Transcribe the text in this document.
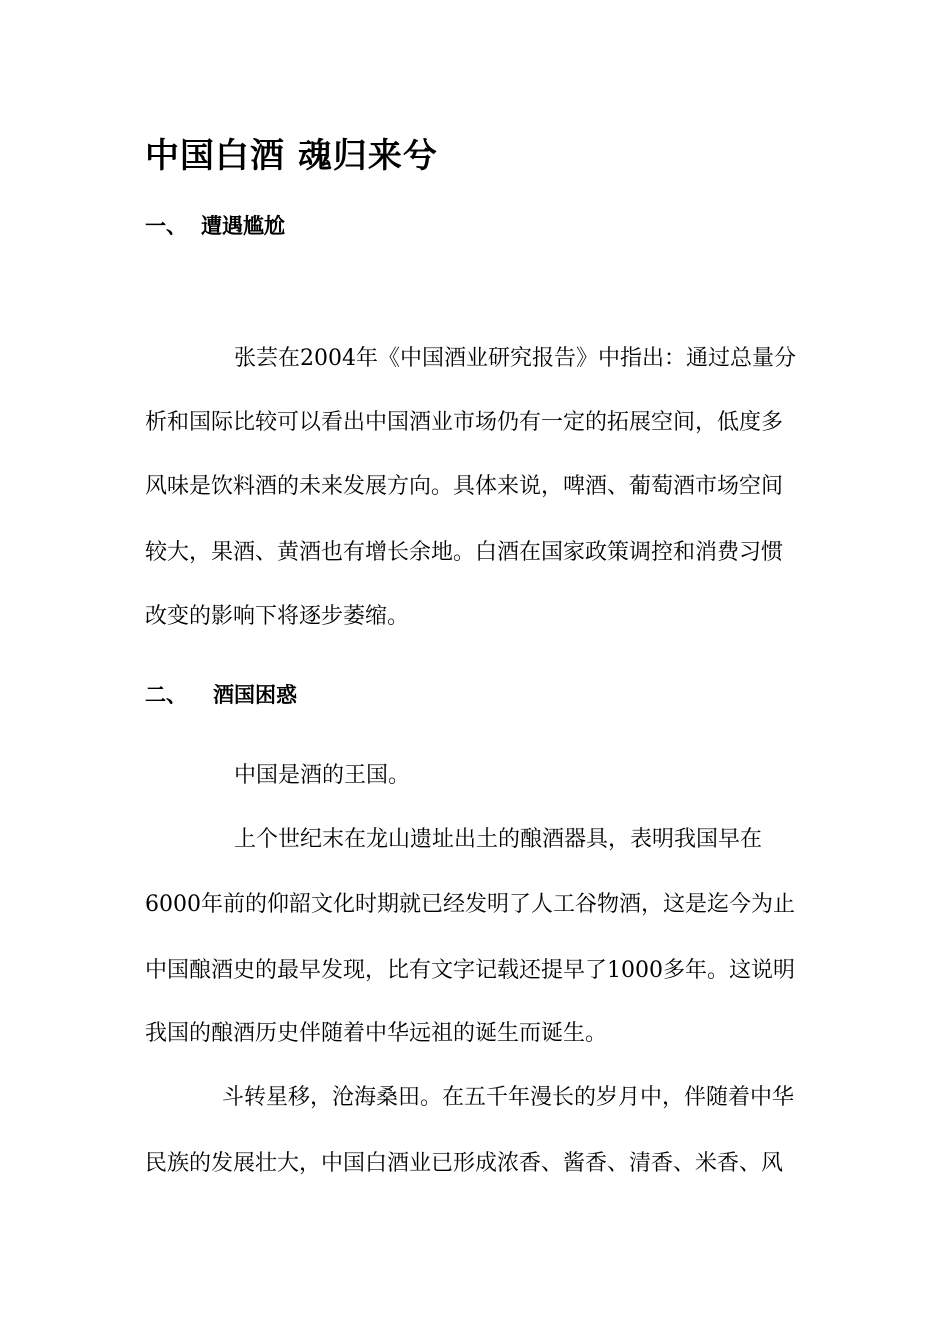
中国白酒 魂归来兮
一、 遭遇尴尬

张芸在2004年《中国酒业研究报告》中指出：通过总量分

析和国际比较可以看出中国酒业市场仍有一定的拓展空间，低度多

风味是饮料酒的未来发展方向。具体来说，啤酒、葡萄酒市场空间

较大，果酒、黄酒也有增长余地。白酒在国家政策调控和消费习惯

改变的影响下将逐步萎缩。

二、 酒国困惑

中国是酒的王国。

上个世纪末在龙山遗址出土的酿酒器具，表明我国早在

6000年前的仰韶文化时期就已经发明了人工谷物酒，这是迄今为止

中国酿酒史的最早发现，比有文字记载还提早了1000多年。这说明

我国的酿酒历史伴随着中华远祖的诞生而诞生。

斗转星移，沧海桑田。在五千年漫长的岁月中，伴随着中华

民族的发展壮大，中国白酒业已形成浓香、酱香、清香、米香、风
